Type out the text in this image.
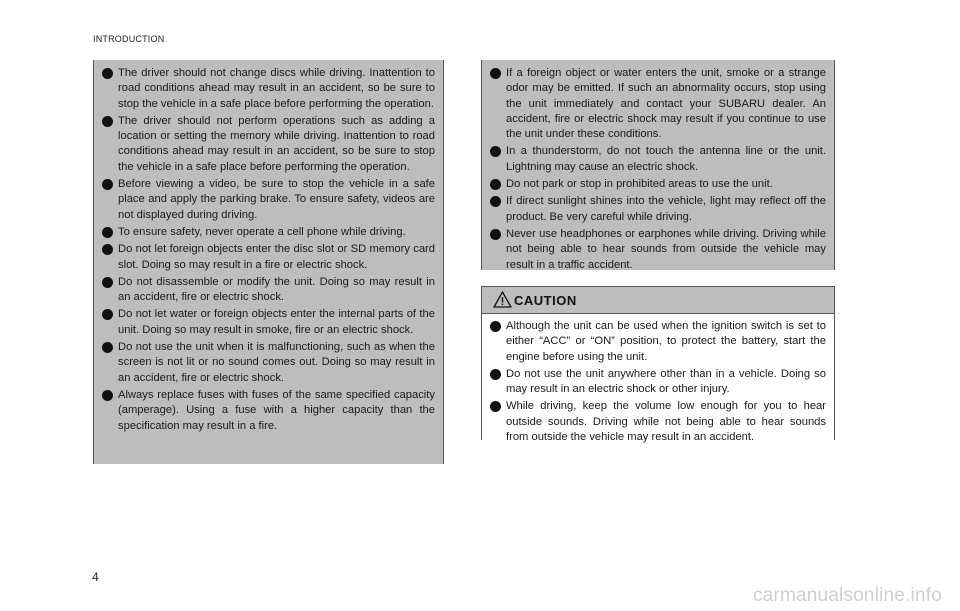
INTRODUCTION
The driver should not change discs while driving. Inattention to road conditions ahead may result in an accident, so be sure to stop the vehicle in a safe place before performing the operation.
The driver should not perform operations such as adding a location or setting the memory while driving. Inattention to road conditions ahead may result in an accident, so be sure to stop the vehicle in a safe place before performing the operation.
Before viewing a video, be sure to stop the vehicle in a safe place and apply the parking brake. To ensure safety, videos are not displayed during driving.
To ensure safety, never operate a cell phone while driving.
Do not let foreign objects enter the disc slot or SD memory card slot. Doing so may result in a fire or electric shock.
Do not disassemble or modify the unit. Doing so may result in an accident, fire or electric shock.
Do not let water or foreign objects enter the internal parts of the unit. Doing so may result in smoke, fire or an electric shock.
Do not use the unit when it is malfunctioning, such as when the screen is not lit or no sound comes out. Doing so may result in an accident, fire or electric shock.
Always replace fuses with fuses of the same specified capacity (amperage). Using a fuse with a higher capacity than the specification may result in a fire.
If a foreign object or water enters the unit, smoke or a strange odor may be emitted. If such an abnormality occurs, stop using the unit immediately and contact your SUBARU dealer. An accident, fire or electric shock may result if you continue to use the unit under these conditions.
In a thunderstorm, do not touch the antenna line or the unit. Lightning may cause an electric shock.
Do not park or stop in prohibited areas to use the unit.
If direct sunlight shines into the vehicle, light may reflect off the product. Be very careful while driving.
Never use headphones or earphones while driving. Driving while not being able to hear sounds from outside the vehicle may result in a traffic accident.
CAUTION
Although the unit can be used when the ignition switch is set to either “ACC” or “ON” position, to protect the battery, start the engine before using the unit.
Do not use the unit anywhere other than in a vehicle. Doing so may result in an electric shock or other injury.
While driving, keep the volume low enough for you to hear outside sounds. Driving while not being able to hear sounds from outside the vehicle may result in an accident.
4
carmanualsonline.info
